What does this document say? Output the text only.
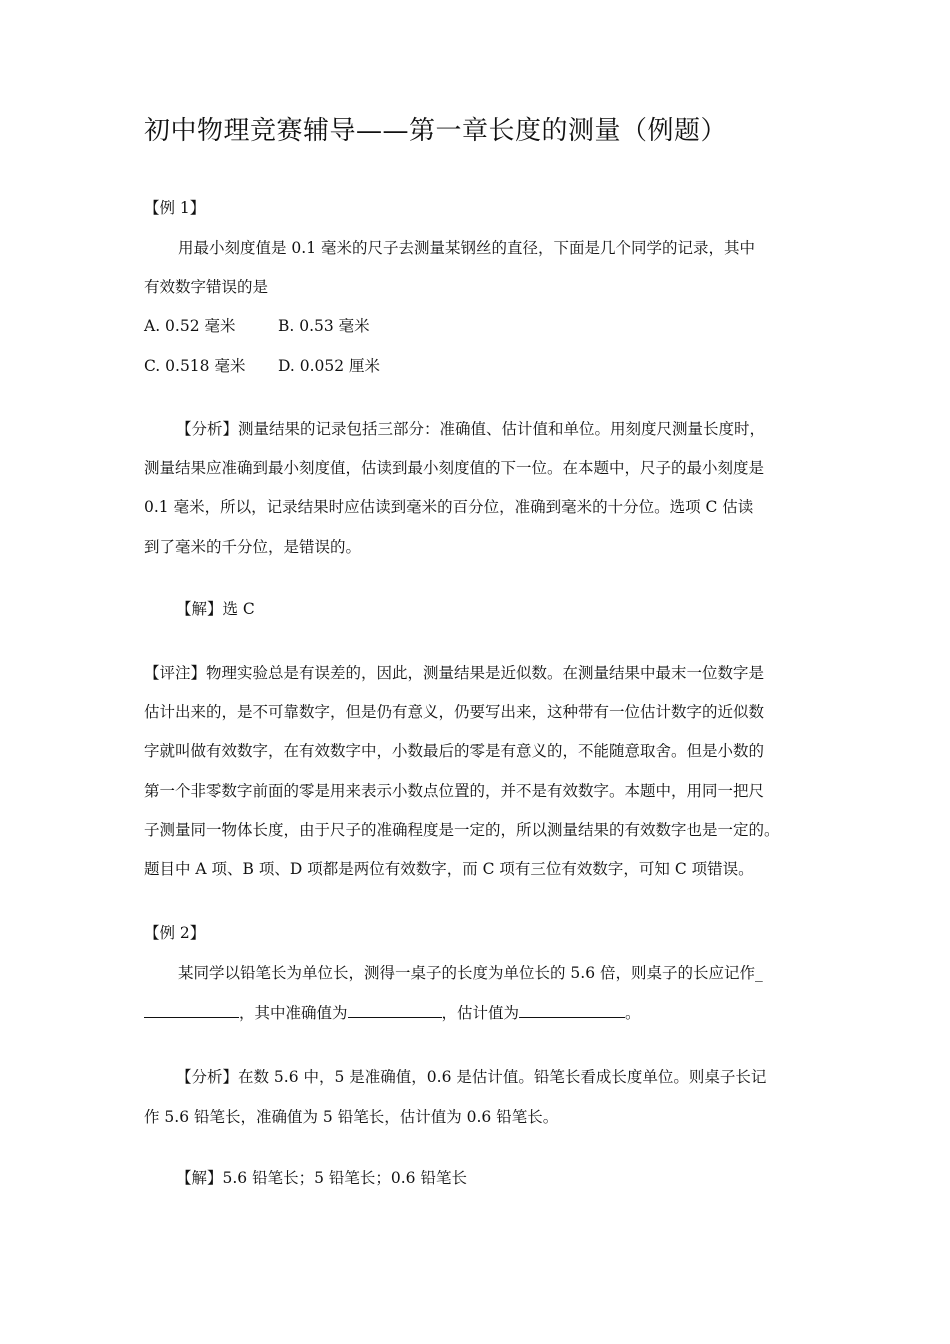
初中物理竞赛辅导——第一章长度的测量（例题）
【例 1】
用最小刻度值是 0.1 毫米的尺子去测量某钢丝的直径，下面是几个同学的记录，其中
有效数字错误的是
A. 0.52 毫米	B. 0.53 毫米
C. 0.518 毫米	D. 0.052 厘米
【分析】测量结果的记录包括三部分：准确值、估计值和单位。用刻度尺测量长度时，
测量结果应准确到最小刻度值，估读到最小刻度值的下一位。在本题中，尺子的最小刻度是
0.1 毫米，所以，记录结果时应估读到毫米的百分位，准确到毫米的十分位。选项 C 估读
到了毫米的千分位，是错误的。
【解】选 C
【评注】物理实验总是有误差的，因此，测量结果是近似数。在测量结果中最末一位数字是
估计出来的，是不可靠数字，但是仍有意义，仍要写出来，这种带有一位估计数字的近似数
字就叫做有效数字，在有效数字中，小数最后的零是有意义的，不能随意取舍。但是小数的
第一个非零数字前面的零是用来表示小数点位置的，并不是有效数字。本题中，用同一把尺
子测量同一物体长度，由于尺子的准确程度是一定的，所以测量结果的有效数字也是一定的。
题目中 A 项、B 项、D 项都是两位有效数字，而 C 项有三位有效数字，可知 C 项错误。
【例 2】
某同学以铅笔长为单位长，测得一桌子的长度为单位长的 5.6 倍，则桌子的长应记作_
，其中准确值为	，估计值为	。
【分析】在数 5.6 中，5 是准确值，0.6 是估计值。铅笔长看成长度单位。则桌子长记
作 5.6 铅笔长，准确值为 5 铅笔长，估计值为 0.6 铅笔长。
【解】5.6 铅笔长；5 铅笔长；0.6 铅笔长
